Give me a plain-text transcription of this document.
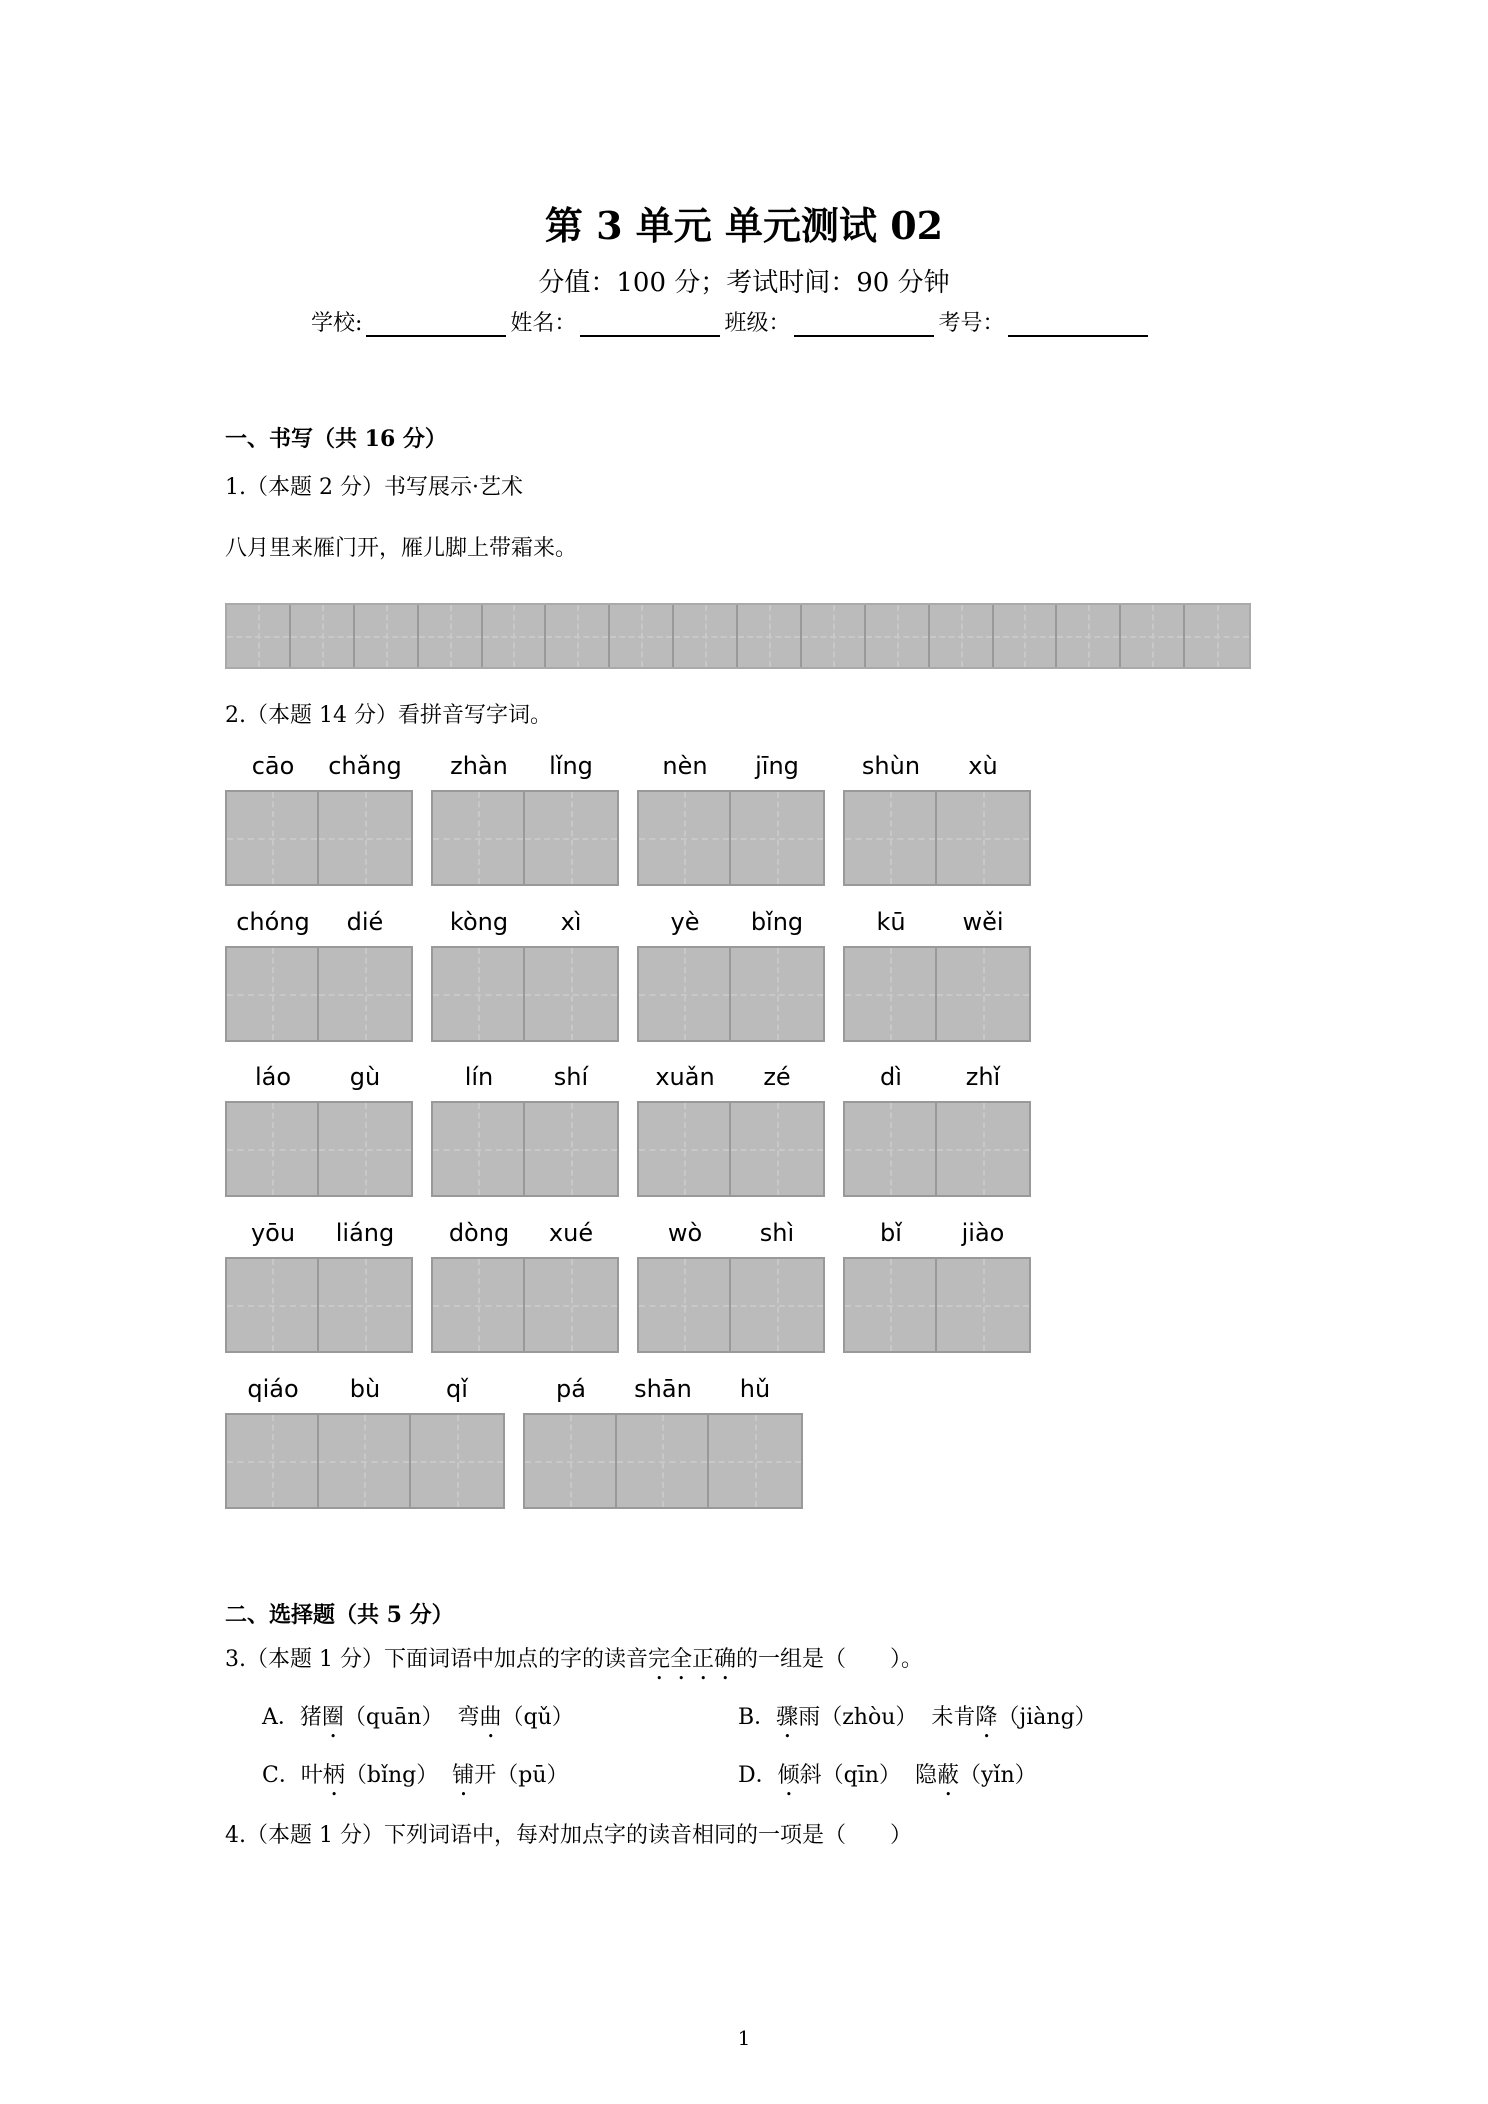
第 3 单元 单元测试 02
分值：100 分；考试时间：90 分钟
学校:	姓名：	班级：	考号：
一、书写（共 16 分）
1.（本题 2 分）书写展示·艺术
八月里来雁门开，雁儿脚上带霜来。
2.（本题 14 分）看拼音写字词。
cāo	chǎng	zhàn	lǐng	nèn	jīng	shùn	xù
chóng	dié	kòng	xì	yè	bǐng	kū	wěi
láo	gù	lín	shí	xuǎn	zé	dì	zhǐ
yōu	liáng	dòng	xué	wò	shì	bǐ	jiào
qiáo	bù	qǐ	pá	shān	hǔ
二、选择题（共 5 分）
3.（本题 1 分）下面词语中加点的字的读音完全正确的一组是（　　）。
A．猪圈（quān） 弯曲（qǔ）	B．骤雨（zhòu） 未肯降（jiàng）
C．叶柄（bǐng） 铺开（pū）	D．倾斜（qīn） 隐蔽（yǐn）
4.（本题 1 分）下列词语中，每对加点字的读音相同的一项是（　　）
1
